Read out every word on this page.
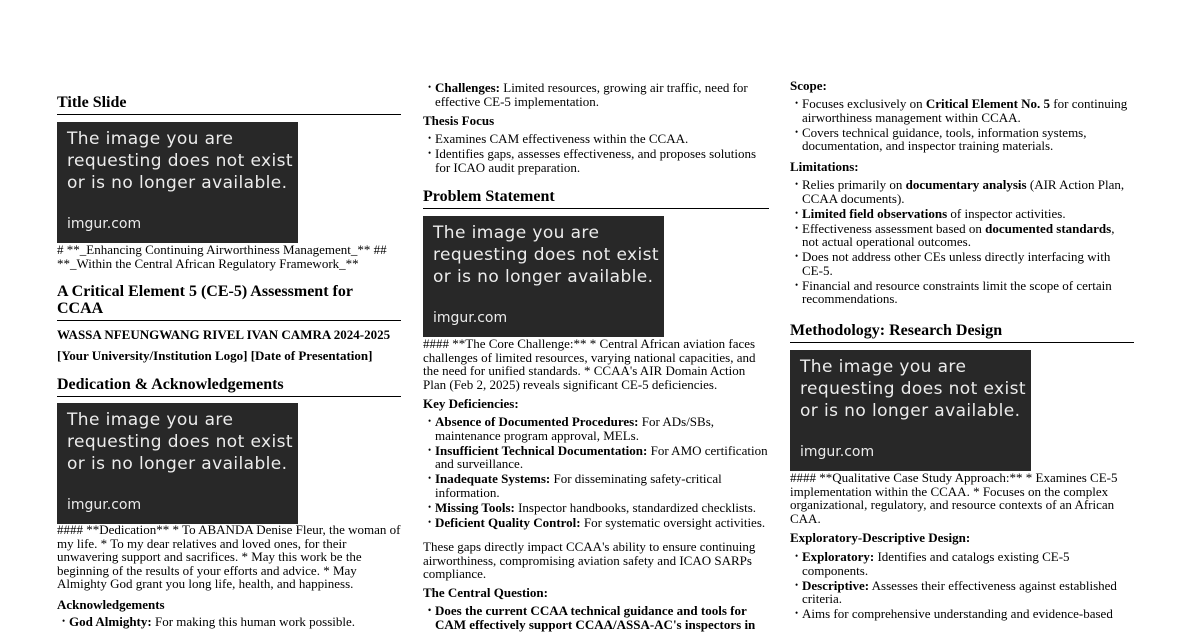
Title Slide
The image you are
requesting does not exist
or is no longer available.
imgur.com

# **_Enhancing Continuing Airworthiness Management_** ## **_Within the Central African Regulatory Framework_**

A Critical Element 5 (CE-5) Assessment for CCAA
WASSA NFEUNGWANG RIVEL IVAN CAMRA 2024-2025
[Your University/Institution Logo] [Date of Presentation]
Dedication & Acknowledgements
The image you are
requesting does not exist
or is no longer available.
imgur.com

#### **Dedication** * To ABANDA Denise Fleur, the woman of my life. * To my dear relatives and loved ones, for their unwavering support and sacrifices. * May this work be the beginning of the results of your efforts and advice. * May Almighty God grant you long life, health, and happiness.

Acknowledgements
• God Almighty: For making this human work possible.
• Challenges: Limited resources, growing air traffic, need for effective CE-5 implementation.
Thesis Focus
• Examines CAM effectiveness within the CCAA.
• Identifies gaps, assesses effectiveness, and proposes solutions for ICAO audit preparation.
Problem Statement
The image you are
requesting does not exist
or is no longer available.
imgur.com

#### **The Core Challenge:** * Central African aviation faces challenges of limited resources, varying national capacities, and the need for unified standards. * CCAA's AIR Domain Action Plan (Feb 2, 2025) reveals significant CE-5 deficiencies.

Key Deficiencies:
• Absence of Documented Procedures: For ADs/SBs, maintenance program approval, MELs.
• Insufficient Technical Documentation: For AMO certification and surveillance.
• Inadequate Systems: For disseminating safety-critical information.
• Missing Tools: Inspector handbooks, standardized checklists.
• Deficient Quality Control: For systematic oversight activities.

These gaps directly impact CCAA's ability to ensure continuing airworthiness, compromising aviation safety and ICAO SARPs compliance.

The Central Question:
• Does the current CCAA technical guidance and tools for CAM effectively support CCAA/ASSA-AC's inspectors in
Scope:
• Focuses exclusively on Critical Element No. 5 for continuing airworthiness management within CCAA.
• Covers technical guidance, tools, information systems, documentation, and inspector training materials.
Limitations:
• Relies primarily on documentary analysis (AIR Action Plan, CCAA documents).
• Limited field observations of inspector activities.
• Effectiveness assessment based on documented standards, not actual operational outcomes.
• Does not address other CEs unless directly interfacing with CE-5.
• Financial and resource constraints limit the scope of certain recommendations.
Methodology: Research Design
The image you are
requesting does not exist
or is no longer available.
imgur.com

#### **Qualitative Case Study Approach:** * Examines CE-5 implementation within the CCAA. * Focuses on the complex organizational, regulatory, and resource contexts of an African CAA.

Exploratory-Descriptive Design:
• Exploratory: Identifies and catalogs existing CE-5 components.
• Descriptive: Assesses their effectiveness against established criteria.
• Aims for comprehensive understanding and evidence-based
